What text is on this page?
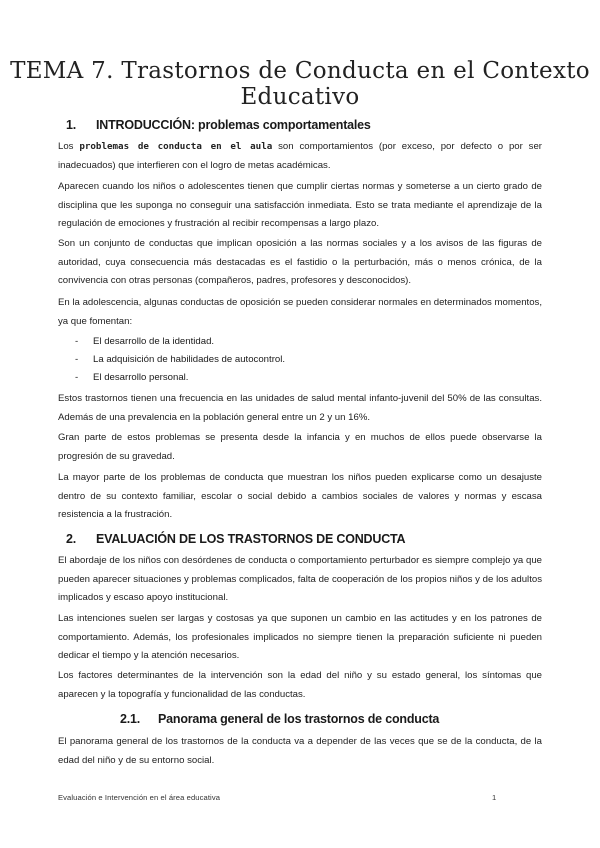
TEMA 7. Trastornos de Conducta en el Contexto Educativo
1. INTRODUCCIÓN: problemas comportamentales

Los problemas de conducta en el aula son comportamientos (por exceso, por defecto o por ser inadecuados) que interfieren con el logro de metas académicas.

Aparecen cuando los niños o adolescentes tienen que cumplir ciertas normas y someterse a un cierto grado de disciplina que les suponga no conseguir una satisfacción inmediata. Esto se trata mediante el aprendizaje de la regulación de emociones y frustración al recibir recompensas a largo plazo.

Son un conjunto de conductas que implican oposición a las normas sociales y a los avisos de las figuras de autoridad, cuya consecuencia más destacadas es el fastidio o la perturbación, más o menos crónica, de la convivencia con otras personas (compañeros, padres, profesores y desconocidos).

En la adolescencia, algunas conductas de oposición se pueden considerar normales en determinados momentos, ya que fomentan:

- El desarrollo de la identidad.
- La adquisición de habilidades de autocontrol.
- El desarrollo personal.

Estos trastornos tienen una frecuencia en las unidades de salud mental infanto-juvenil del 50% de las consultas. Además de una prevalencia en la población general entre un 2 y un 16%.

Gran parte de estos problemas se presenta desde la infancia y en muchos de ellos puede observarse la progresión de su gravedad.

La mayor parte de los problemas de conducta que muestran los niños pueden explicarse como un desajuste dentro de su contexto familiar, escolar o social debido a cambios sociales de valores y normas y escasa resistencia a la frustración.

2. EVALUACIÓN DE LOS TRASTORNOS DE CONDUCTA

El abordaje de los niños con desórdenes de conducta o comportamiento perturbador es siempre complejo ya que pueden aparecer situaciones y problemas complicados, falta de cooperación de los propios niños y de los adultos implicados y escaso apoyo institucional.

Las intenciones suelen ser largas y costosas ya que suponen un cambio en las actitudes y en los patrones de comportamiento. Además, los profesionales implicados no siempre tienen la preparación suficiente ni pueden dedicar el tiempo y la atención necesarios.

Los factores determinantes de la intervención son la edad del niño y su estado general, los síntomas que aparecen y la topografía y funcionalidad de las conductas.

2.1. Panorama general de los trastornos de conducta

El panorama general de los trastornos de la conducta va a depender de las veces que se de la conducta, de la edad del niño y de su entorno social.

Evaluación e Intervención en el área educativa	1
